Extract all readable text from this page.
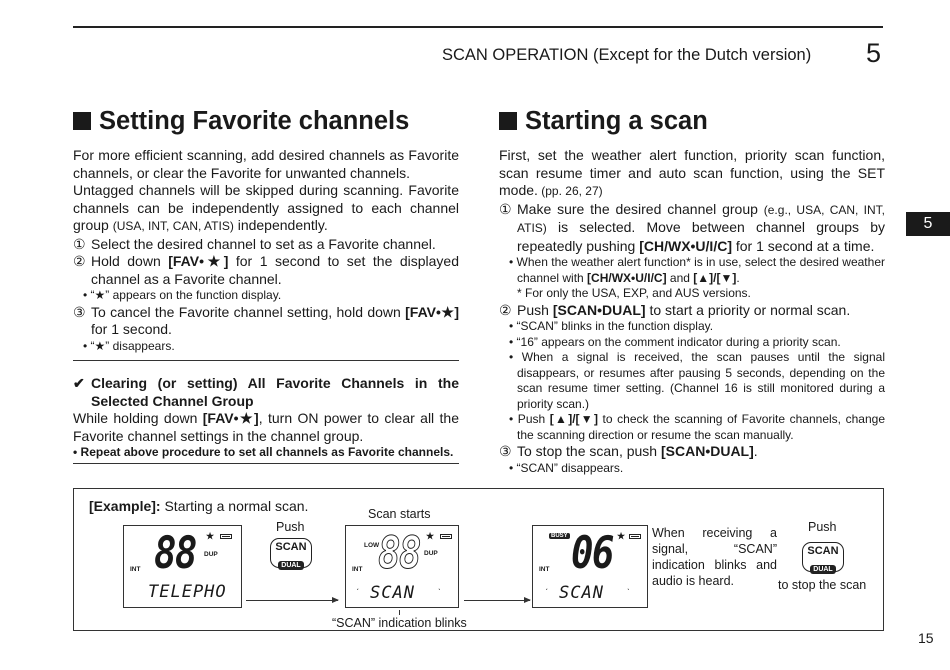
SCAN OPERATION (Except for the Dutch version) 5
5
Setting Favorite channels

For more efficient scanning, add desired channels as Favorite channels, or clear the Favorite for unwanted channels.

Untagged channels will be skipped during scanning. Favorite channels can be independently assigned to each channel group (USA, INT, CAN, ATIS) independently.

① Select the desired channel to set as a Favorite channel.
② Hold down [FAV•★] for 1 second to set the displayed channel as a Favorite channel.
• “★” appears on the function display.
③ To cancel the Favorite channel setting, hold down [FAV•★] for 1 second.
• “★” disappears.
✔ Clearing (or setting) All Favorite Channels in the Selected Channel Group

While holding down [FAV•★], turn ON power to clear all the Favorite channel settings in the channel group.

• Repeat above procedure to set all channels as Favorite channels.
Starting a scan

First, set the weather alert function, priority scan function, scan resume timer and auto scan function, using the SET mode. (pp. 26, 27)

① Make sure the desired channel group (e.g., USA, CAN, INT, ATIS) is selected. Move between channel groups by repeatedly pushing [CH/WX•U/I/C] for 1 second at a time.
• When the weather alert function* is in use, select the desired weather channel with [CH/WX•U/I/C] and [▲]/[▼].
* For only the USA, EXP, and AUS versions.
② Push [SCAN•DUAL] to start a priority or normal scan.
• “SCAN” blinks in the function display.
• “16” appears on the comment indicator during a priority scan.
• When a signal is received, the scan pauses until the signal disappears, or resumes after pausing 5 seconds, depending on the scan resume timer setting. (Channel 16 is still monitored during a priority scan.)
• Push [▲]/[▼] to check the scanning of Favorite channels, change the scanning direction or resume the scan manually.
③ To stop the scan, push [SCAN•DUAL].
• “SCAN” disappears.
[Example]: Starting a normal scan.
88 ★
DUP
INT
TELEPHO
Push
SCAN
DUAL
Scan starts
LOW
88 ★
DUP
INT
ˏ SCAN	ˎ
“SCAN” indication blinks
BUSY 06 ★
INT
ˏ SCAN	ˎ
When receiving a signal, “SCAN” indication blinks and audio is heard.
Push
SCAN
DUAL
to stop the scan
15
